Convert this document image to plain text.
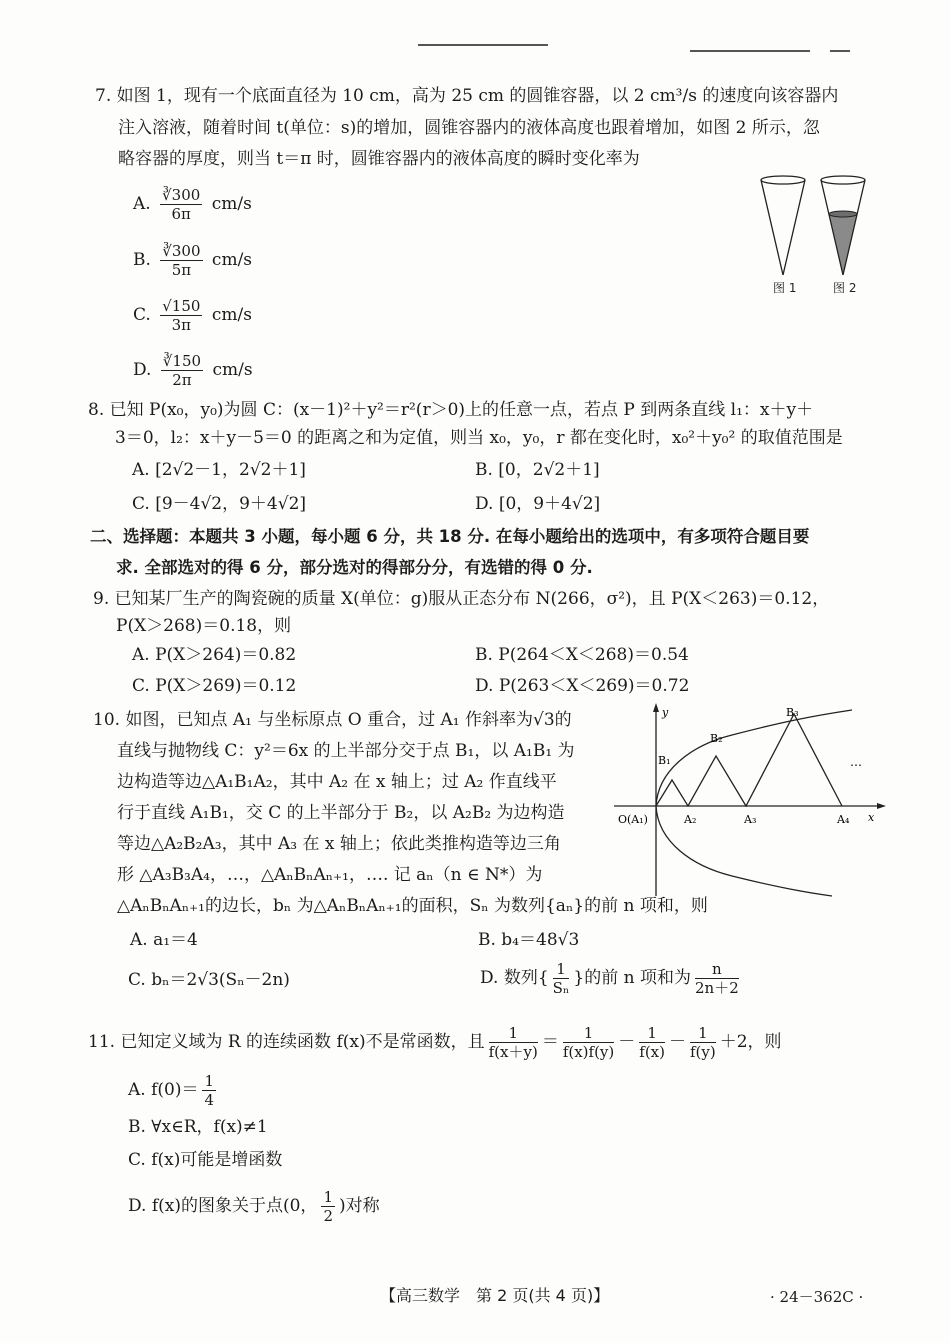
7. 如图 1，现有一个底面直径为 10 cm，高为 25 cm 的圆锥容器，以 2 cm³/s 的速度向该容器内
注入溶液，随着时间 t(单位：s)的增加，圆锥容器内的液体高度也跟着增加，如图 2 所示，忽
略容器的厚度，则当 t＝π 时，圆锥容器内的液体高度的瞬时变化率为
A. $\frac{∛300}{6\pi} cm/s$
B. $\frac{∛300}{5\pi} cm/s$
C. $\frac{√150}{3\pi} cm/s$
D. $\frac{∛150}{2\pi} cm/s$
图 1	图 2
8. 已知 P(x₀，y₀)为圆 C：(x－1)²＋y²＝r²(r＞0)上的任意一点，若点 P 到两条直线 l₁：x＋y＋
3＝0，l₂：x＋y－5＝0 的距离之和为定值，则当 x₀，y₀，r 都在变化时，x₀²＋y₀² 的取值范围是
A. [2√2－1，2√2＋1]	B. [0，2√2＋1]
C. [9－4√2，9＋4√2]	D. [0，9＋4√2]
二、选择题：本题共 3 小题，每小题 6 分，共 18 分. 在每小题给出的选项中，有多项符合题目要
求. 全部选对的得 6 分，部分选对的得部分分，有选错的得 0 分.
9. 已知某厂生产的陶瓷碗的质量 X(单位：g)服从正态分布 N(266，σ²)，且 P(X＜263)＝0.12，
P(X＞268)＝0.18，则
A. P(X＞264)＝0.82	B. P(264＜X＜268)＝0.54
C. P(X＞269)＝0.12	D. P(263＜X＜269)＝0.72
10. 如图，已知点 A₁ 与坐标原点 O 重合，过 A₁ 作斜率为√3的
直线与抛物线 C：y²＝6x 的上半部分交于点 B₁，以 A₁B₁ 为
边构造等边△A₁B₁A₂，其中 A₂ 在 x 轴上；过 A₂ 作直线平
行于直线 A₁B₁，交 C 的上半部分于 B₂，以 A₂B₂ 为边构造
等边△A₂B₂A₃，其中 A₃ 在 x 轴上；依此类推构造等边三角
形 △A₃B₃A₄，…，△AₙBₙAₙ₊₁，…. 记 aₙ（n ∈ N*）为
△AₙBₙAₙ₊₁的边长，bₙ 为△AₙBₙAₙ₊₁的面积，Sₙ 为数列{aₙ}的前 n 项和，则
y
x
O(A₁)	A₂	A₃	A₄
B₁
B₂
B₃
…
A. a₁＝4	B. b₄＝48√3
C. bₙ＝2√3(Sₙ－2n)	D. 数列{ $\frac{1}{\text{Sₙ}}$ }的前 n 项和为 $\frac{n}{2n+2}$
11. 已知定义域为 R 的连续函数 f(x)不是常函数，且 $\frac{1}{f(x+y)} = \frac{1}{f(x)f(y)} - \frac{1}{f(x)} - \frac{1}{f(y)} +2$，则
A. $f(0)= \frac{1}{4}$
B. ∀x∈R，f(x)≠1
C. f(x)可能是增函数
D. f(x)的图象关于点(0， $\frac{1}{2}$ )对称
【高三数学　第 2 页(共 4 页)】	· 24－362C ·
